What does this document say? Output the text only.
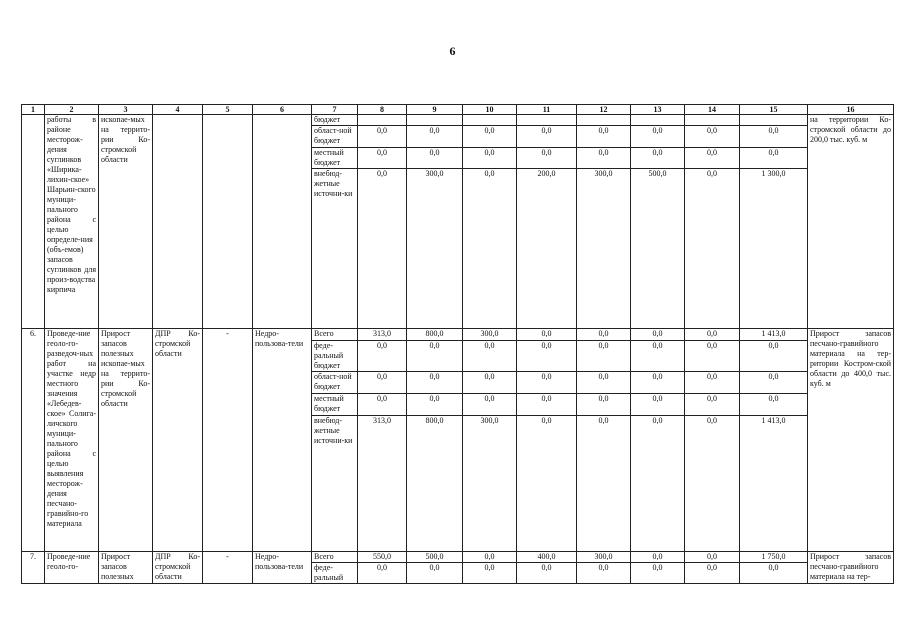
6
1	2	3	4	5	6	7	8	9	10	11	12	13	14	15	16
	работы в районе месторож-дения суглинков «Ширика-лихин-ское» Шарьин-ского муници-пального района с целью определе-ния (объ-емов) запасов суглинков для произ-водства кирпича	ископае-мых на террито-рии Ко-стромской области				бюджет									на территории Ко-стромской области до 200,0 тыс. куб. м
						област-ной бюджет	0,0	0,0	0,0	0,0	0,0	0,0	0,0	0,0	
						местный бюджет	0,0	0,0	0,0	0,0	0,0	0,0	0,0	0,0	
						внебюд-жетные источни-ки	0,0	300,0	0,0	200,0	300,0	500,0	0,0	1 300,0	
6.	Проведе-ние геоло-го-разведоч-ных работ на участке недр местного значения «Лебедев-ское» Солига-личского муници-пального района с целью выявления месторож-дения песчано-гравийно-го материала	Прирост запасов полезных ископае-мых на террито-рии Ко-стромской области	ДПР Ко-стромской области	-	Недро-пользова-тели	Всего	313,0	800,0	300,0	0,0	0,0	0,0	0,0	1 413,0	Прирост запасов песчано-гравийного материала на тер-ритории Костром-ской области до 400,0 тыс. куб. м
						феде-ральный бюджет	0,0	0,0	0,0	0,0	0,0	0,0	0,0	0,0	
						област-ной бюджет	0,0	0,0	0,0	0,0	0,0	0,0	0,0	0,0	
						местный бюджет	0,0	0,0	0,0	0,0	0,0	0,0	0,0	0,0	
						внебюд-жетные источни-ки	313,0	800,0	300,0	0,0	0,0	0,0	0,0	1 413,0	
7.	Проведе-ние геоло-го-	Прирост запасов полезных	ДПР Ко-стромской области	-	Недро-пользова-тели	Всего	550,0	500,0	0,0	400,0	300,0	0,0	0,0	1 750,0	Прирост запасов песчано-гравийного материала на тер-
						феде-ральный	0,0	0,0	0,0	0,0	0,0	0,0	0,0	0,0	
